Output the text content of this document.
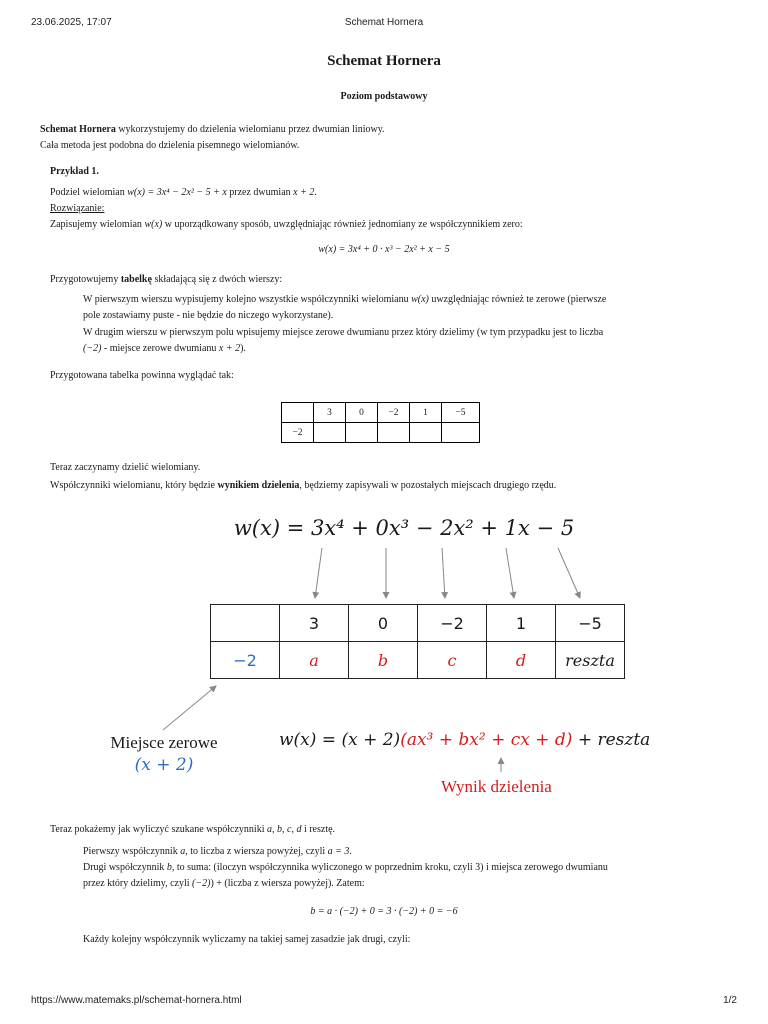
23.06.2025, 17:07	Schemat Hornera
https://www.matemaks.pl/schemat-hornera.html	1/2
Schemat Hornera
Poziom podstawowy
Schemat Hornera wykorzystujemy do dzielenia wielomianu przez dwumian liniowy.
Cała metoda jest podobna do dzielenia pisemnego wielomianów.
Przykład 1.
Podziel wielomian w(x) = 3x⁴ − 2x² − 5 + x przez dwumian x + 2.
Rozwiązanie:
Zapisujemy wielomian w(x) w uporządkowany sposób, uwzględniając również jednomiany ze współczynnikiem zero:
w(x) = 3x⁴ + 0 · x³ − 2x² + x − 5
Przygotowujemy tabelkę składającą się z dwóch wierszy:
W pierwszym wierszu wypisujemy kolejno wszystkie współczynniki wielomianu w(x) uwzględniając również te zerowe (pierwsze
pole zostawiamy puste - nie będzie do niczego wykorzystane).
W drugim wierszu w pierwszym polu wpisujemy miejsce zerowe dwumianu przez który dzielimy (w tym przypadku jest to liczba
(−2) - miejsce zerowe dwumianu x + 2).
Przygotowana tabelka powinna wyglądać tak:
	3	0	−2	1	−5
−2					
Teraz zaczynamy dzielić wielomiany.
Współczynniki wielomianu, który będzie wynikiem dzielenia, będziemy zapisywali w pozostałych miejscach drugiego rzędu.
w(x) = 3x⁴ + 0x³ − 2x² + 1x − 5
	3	0	−2	1	−5
−2	a	b	c	d	reszta
Miejsce zerowe
(x + 2)
w(x) = (x + 2)(ax³ + bx² + cx + d) + reszta
Wynik dzielenia
Teraz pokażemy jak wyliczyć szukane współczynniki a, b, c, d i resztę.
Pierwszy współczynnik a, to liczba z wiersza powyżej, czyli a = 3.
Drugi współczynnik b, to suma: (iloczyn współczynnika wyliczonego w poprzednim kroku, czyli 3) i miejsca zerowego dwumianu
przez który dzielimy, czyli (−2)) + (liczba z wiersza powyżej). Zatem:
b = a · (−2) + 0 = 3 · (−2) + 0 = −6
Każdy kolejny współczynnik wyliczamy na takiej samej zasadzie jak drugi, czyli:
